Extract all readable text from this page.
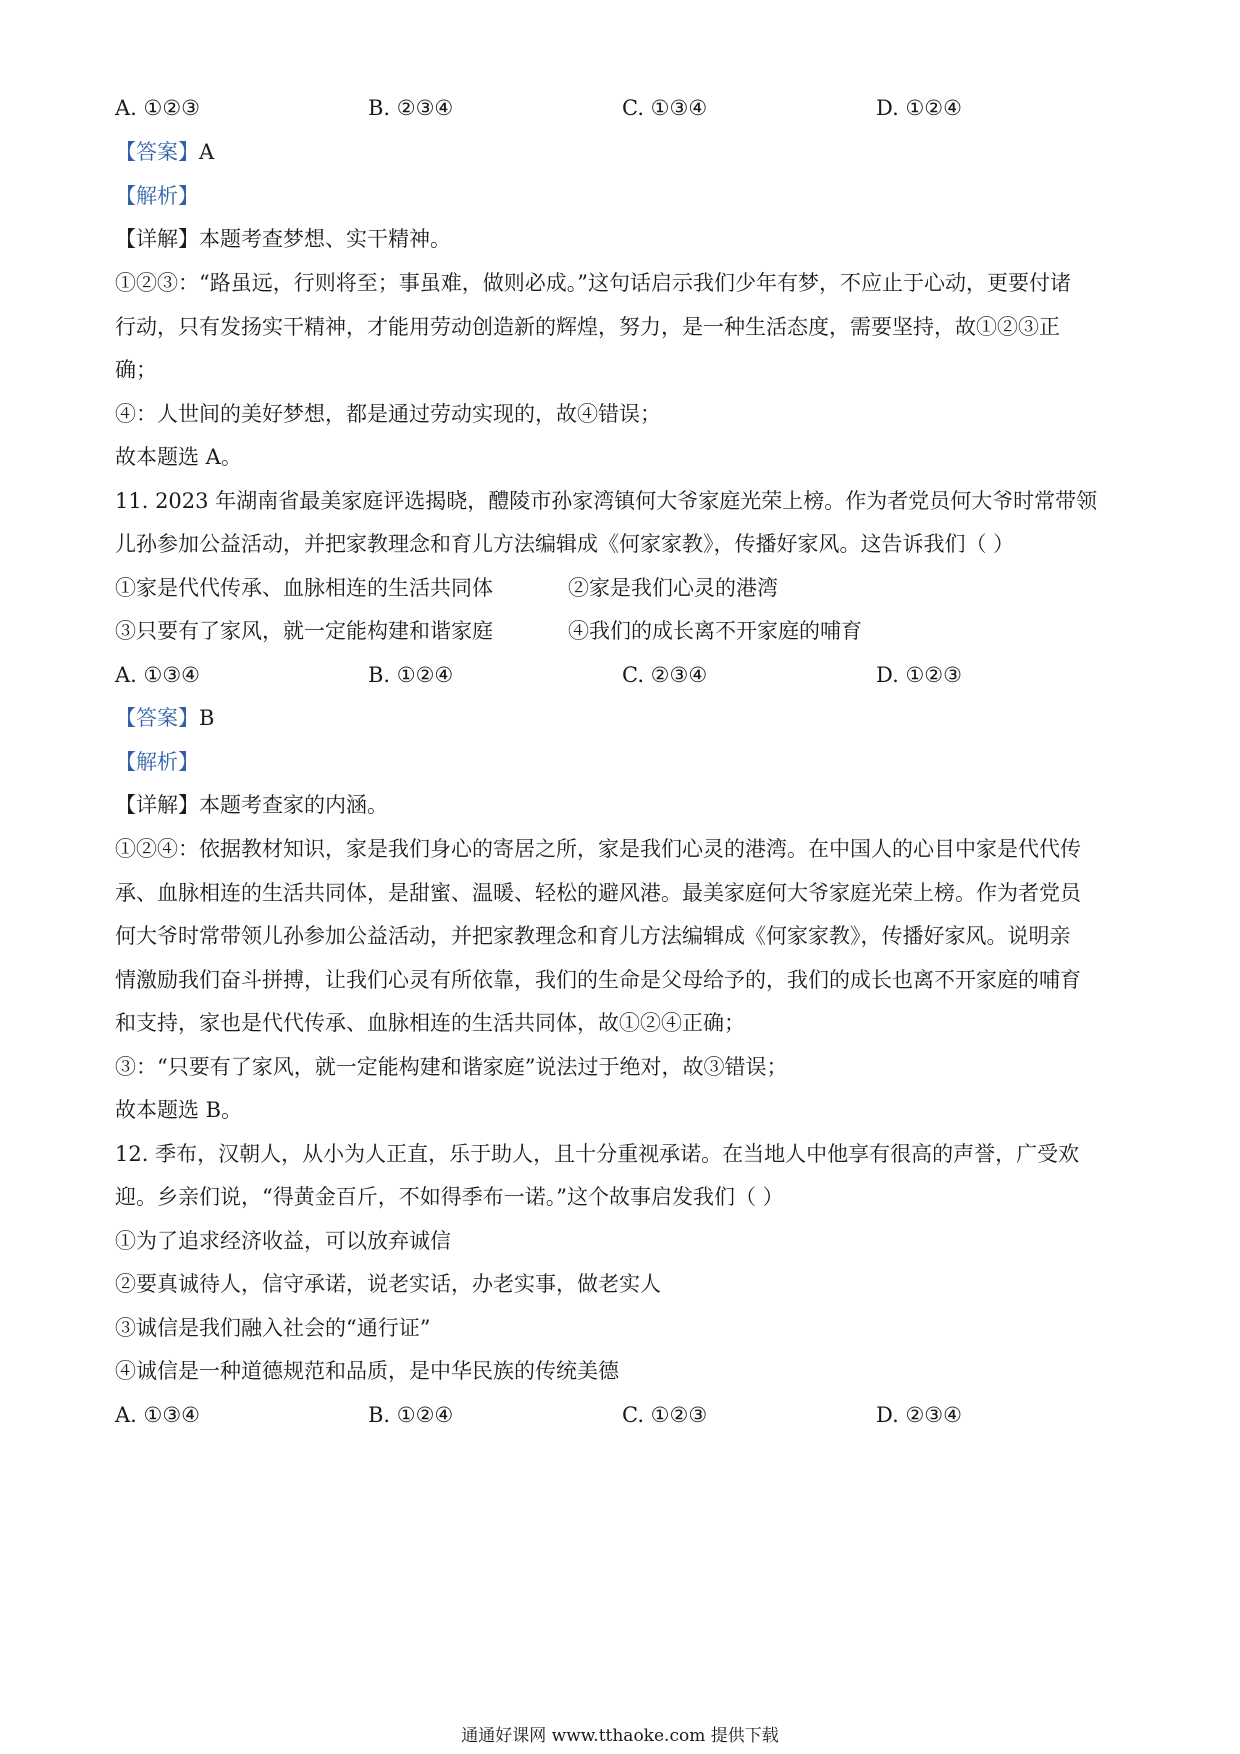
A. ①②③	B. ②③④	C. ①③④	D. ①②④
【答案】A
【解析】
【详解】本题考查梦想、实干精神。
①②③：“路虽远，行则将至；事虽难，做则必成。”这句话启示我们少年有梦，不应止于心动，更要付诸
行动，只有发扬实干精神，才能用劳动创造新的辉煌，努力，是一种生活态度，需要坚持，故①②③正
确；
④：人世间的美好梦想，都是通过劳动实现的，故④错误；
故本题选 A。
11. 2023 年湖南省最美家庭评选揭晓，醴陵市孙家湾镇何大爷家庭光荣上榜。作为者党员何大爷时常带领
儿孙参加公益活动，并把家教理念和育儿方法编辑成《何家家教》，传播好家风。这告诉我们（ ）
①家是代代传承、血脉相连的生活共同体	②家是我们心灵的港湾
③只要有了家风，就一定能构建和谐家庭	④我们的成长离不开家庭的哺育
A. ①③④	B. ①②④	C. ②③④	D. ①②③
【答案】B
【解析】
【详解】本题考查家的内涵。
①②④：依据教材知识，家是我们身心的寄居之所，家是我们心灵的港湾。在中国人的心目中家是代代传
承、血脉相连的生活共同体，是甜蜜、温暖、轻松的避风港。最美家庭何大爷家庭光荣上榜。作为者党员
何大爷时常带领儿孙参加公益活动，并把家教理念和育儿方法编辑成《何家家教》，传播好家风。说明亲
情激励我们奋斗拼搏，让我们心灵有所依靠，我们的生命是父母给予的，我们的成长也离不开家庭的哺育
和支持，家也是代代传承、血脉相连的生活共同体，故①②④正确；
③：“只要有了家风，就一定能构建和谐家庭”说法过于绝对，故③错误；
故本题选 B。
12. 季布，汉朝人，从小为人正直，乐于助人，且十分重视承诺。在当地人中他享有很高的声誉，广受欢
迎。乡亲们说，“得黄金百斤，不如得季布一诺。”这个故事启发我们（ ）
①为了追求经济收益，可以放弃诚信
②要真诚待人，信守承诺，说老实话，办老实事，做老实人
③诚信是我们融入社会的“通行证”
④诚信是一种道德规范和品质，是中华民族的传统美德
A. ①③④	B. ①②④	C. ①②③	D. ②③④
通通好课网 www.tthaoke.com 提供下载
